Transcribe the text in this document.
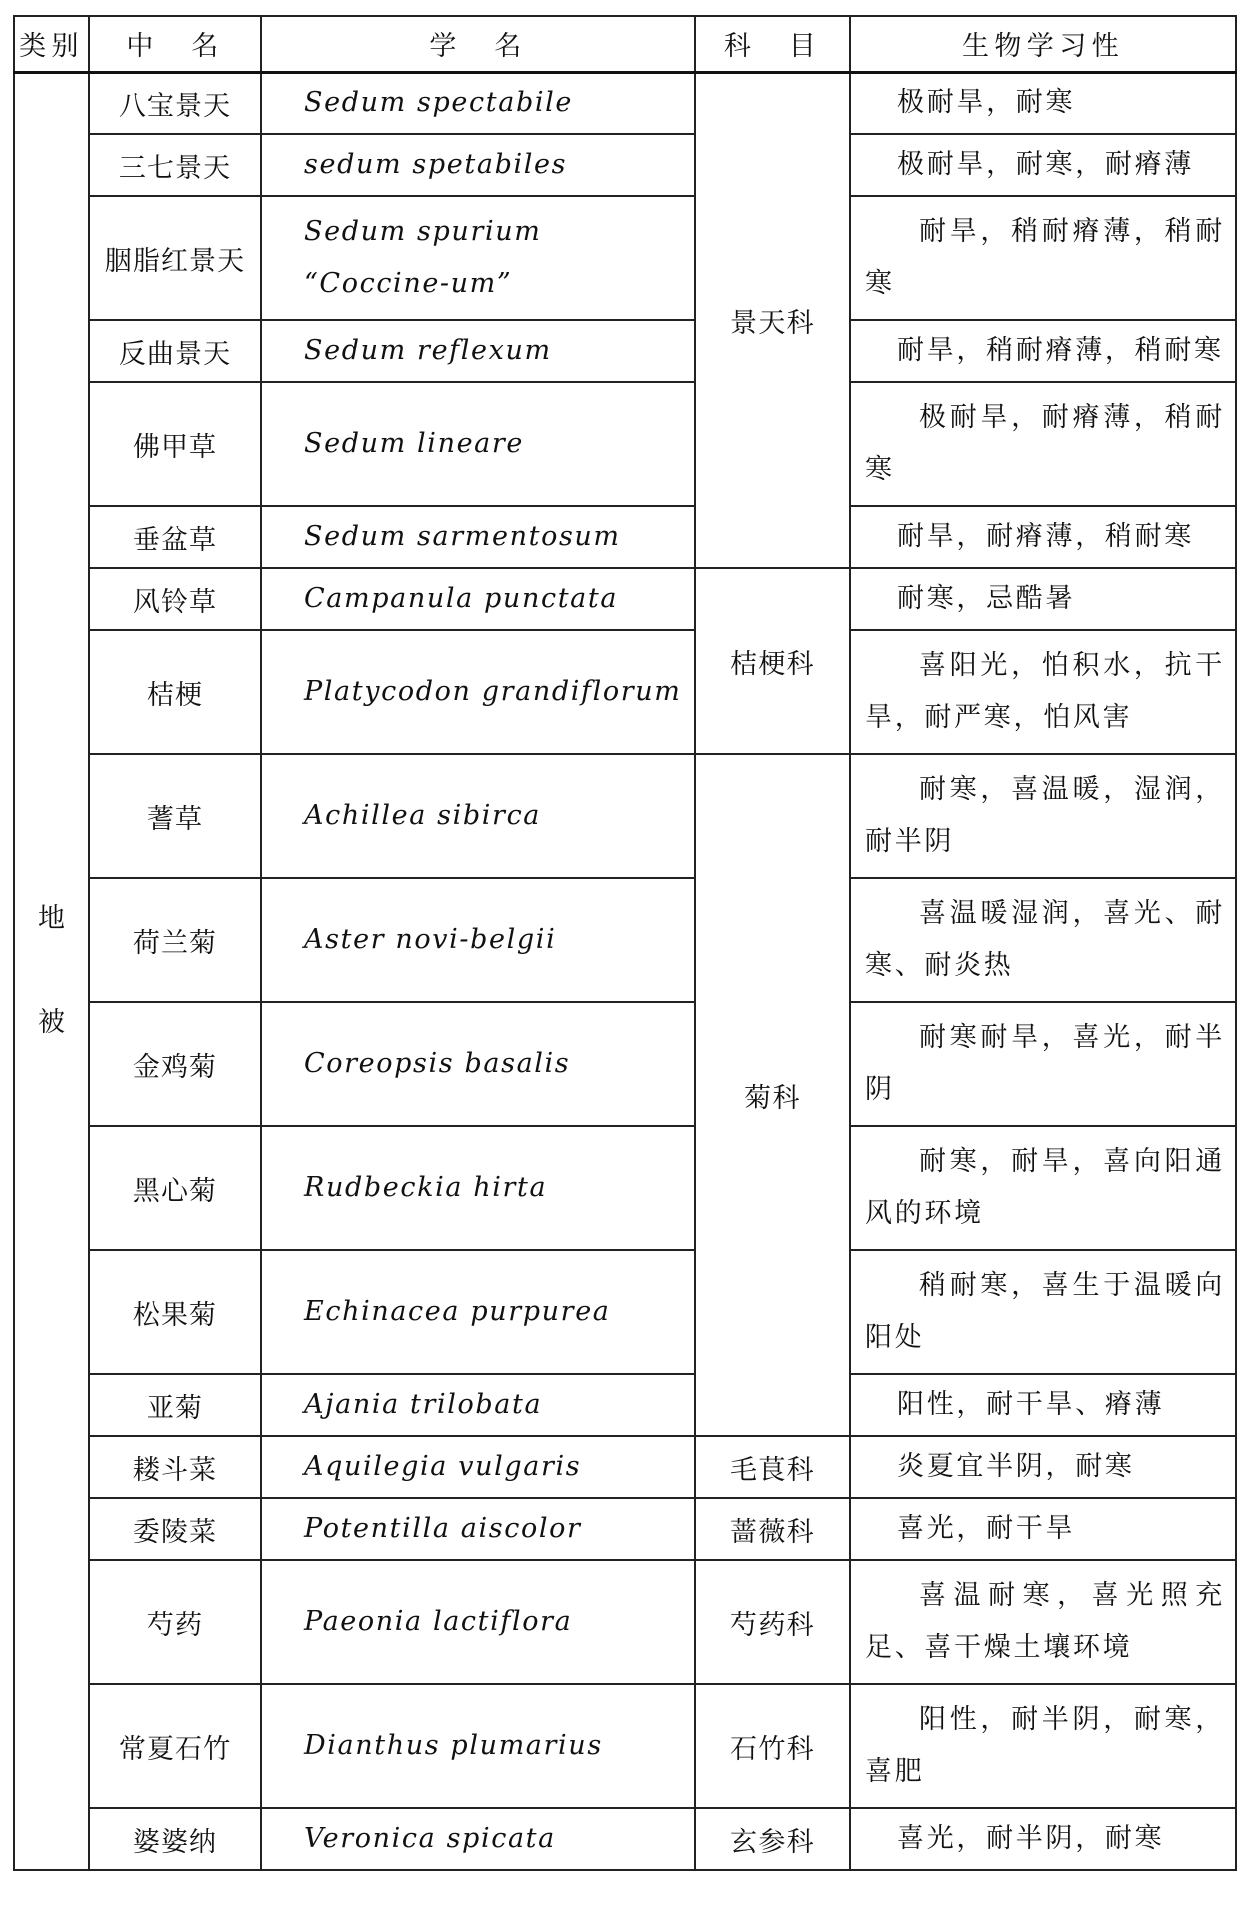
类别	中　名	学　名	科　目	生物学习性

地
被	八宝景天	Sedum spectabile	景天科	极耐旱，耐寒
	三七景天	sedum spetabiles		极耐旱，耐寒，耐瘠薄
	胭脂红景天	Sedum spurium “Coccine-um”		耐旱，稍耐瘠薄，稍耐寒
	反曲景天	Sedum reflexum		耐旱，稍耐瘠薄，稍耐寒
	佛甲草	Sedum lineare		极耐旱，耐瘠薄，稍耐寒
	垂盆草	Sedum sarmentosum		耐旱，耐瘠薄，稍耐寒
	风铃草	Campanula punctata	桔梗科	耐寒，忌酷暑
	桔梗	Platycodon grandiflorum		喜阳光，怕积水，抗干旱，耐严寒，怕风害
	蓍草	Achillea sibirca	菊科	耐寒，喜温暖，湿润，耐半阴
	荷兰菊	Aster novi-belgii		喜温暖湿润，喜光、耐寒、耐炎热
	金鸡菊	Coreopsis basalis		耐寒耐旱，喜光，耐半阴
	黑心菊	Rudbeckia hirta		耐寒，耐旱，喜向阳通风的环境
	松果菊	Echinacea purpurea		稍耐寒，喜生于温暖向阳处
	亚菊	Ajania trilobata		阳性，耐干旱、瘠薄
	耧斗菜	Aquilegia vulgaris	毛茛科	炎夏宜半阴，耐寒
	委陵菜	Potentilla aiscolor	蔷薇科	喜光，耐干旱
	芍药	Paeonia lactiflora	芍药科	喜温耐寒，喜光照充足、喜干燥土壤环境
	常夏石竹	Dianthus plumarius	石竹科	阳性，耐半阴，耐寒，喜肥
	婆婆纳	Veronica spicata	玄参科	喜光，耐半阴，耐寒
